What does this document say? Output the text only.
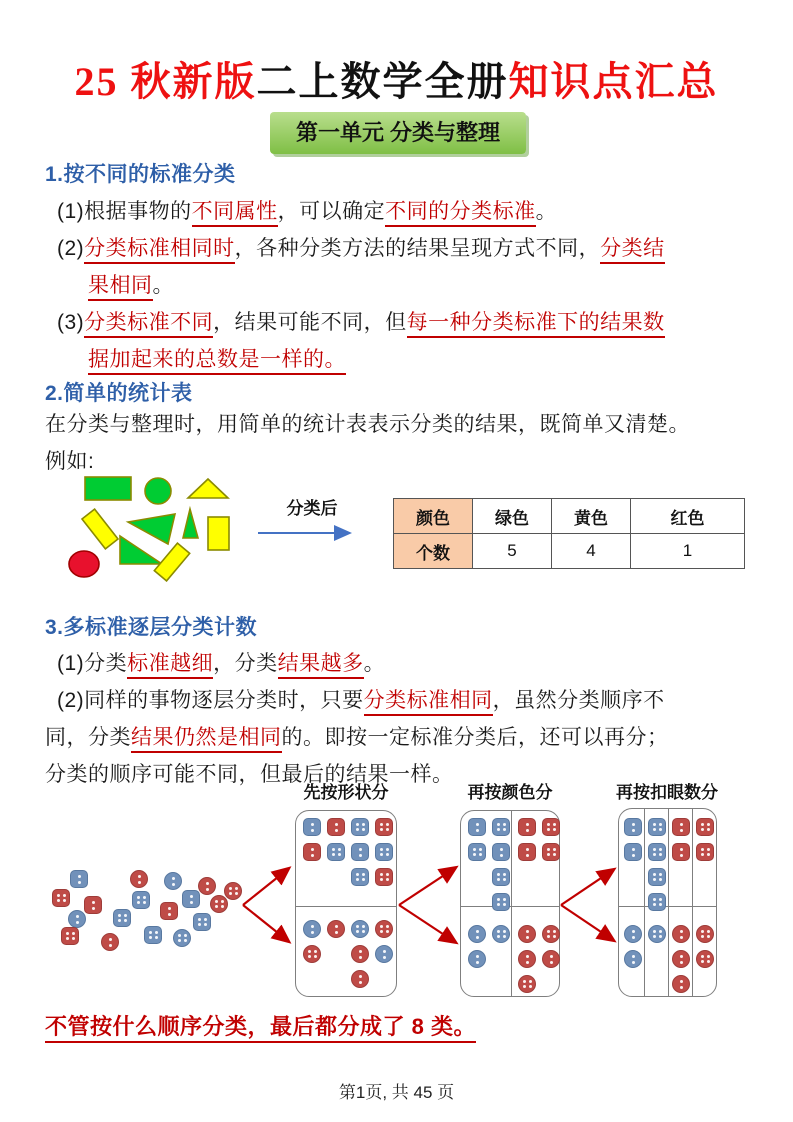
25 秋新版二上数学全册知识点汇总
第一单元 分类与整理
1.按不同的标准分类
(1)根据事物的不同属性，可以确定不同的分类标准。
(2)分类标准相同时，各种分类方法的结果呈现方式不同，分类结
果相同。
(3)分类标准不同，结果可能不同，但每一种分类标准下的结果数
据加起来的总数是一样的。
2.简单的统计表
在分类与整理时，用简单的统计表表示分类的结果，既简单又清楚。
例如:
分类后	颜色	绿色	黄色	红色
个数	5	4	1
3.多标准逐层分类计数
(1)分类标准越细，分类结果越多。
(2)同样的事物逐层分类时，只要分类标准相同，虽然分类顺序不
同，分类结果仍然是相同的。即按一定标准分类后，还可以再分；
分类的顺序可能不同，但最后的结果一样。
先按形状分	再按颜色分	再按扣眼数分
不管按什么顺序分类，最后都分成了 8 类。
第1页, 共 45 页
